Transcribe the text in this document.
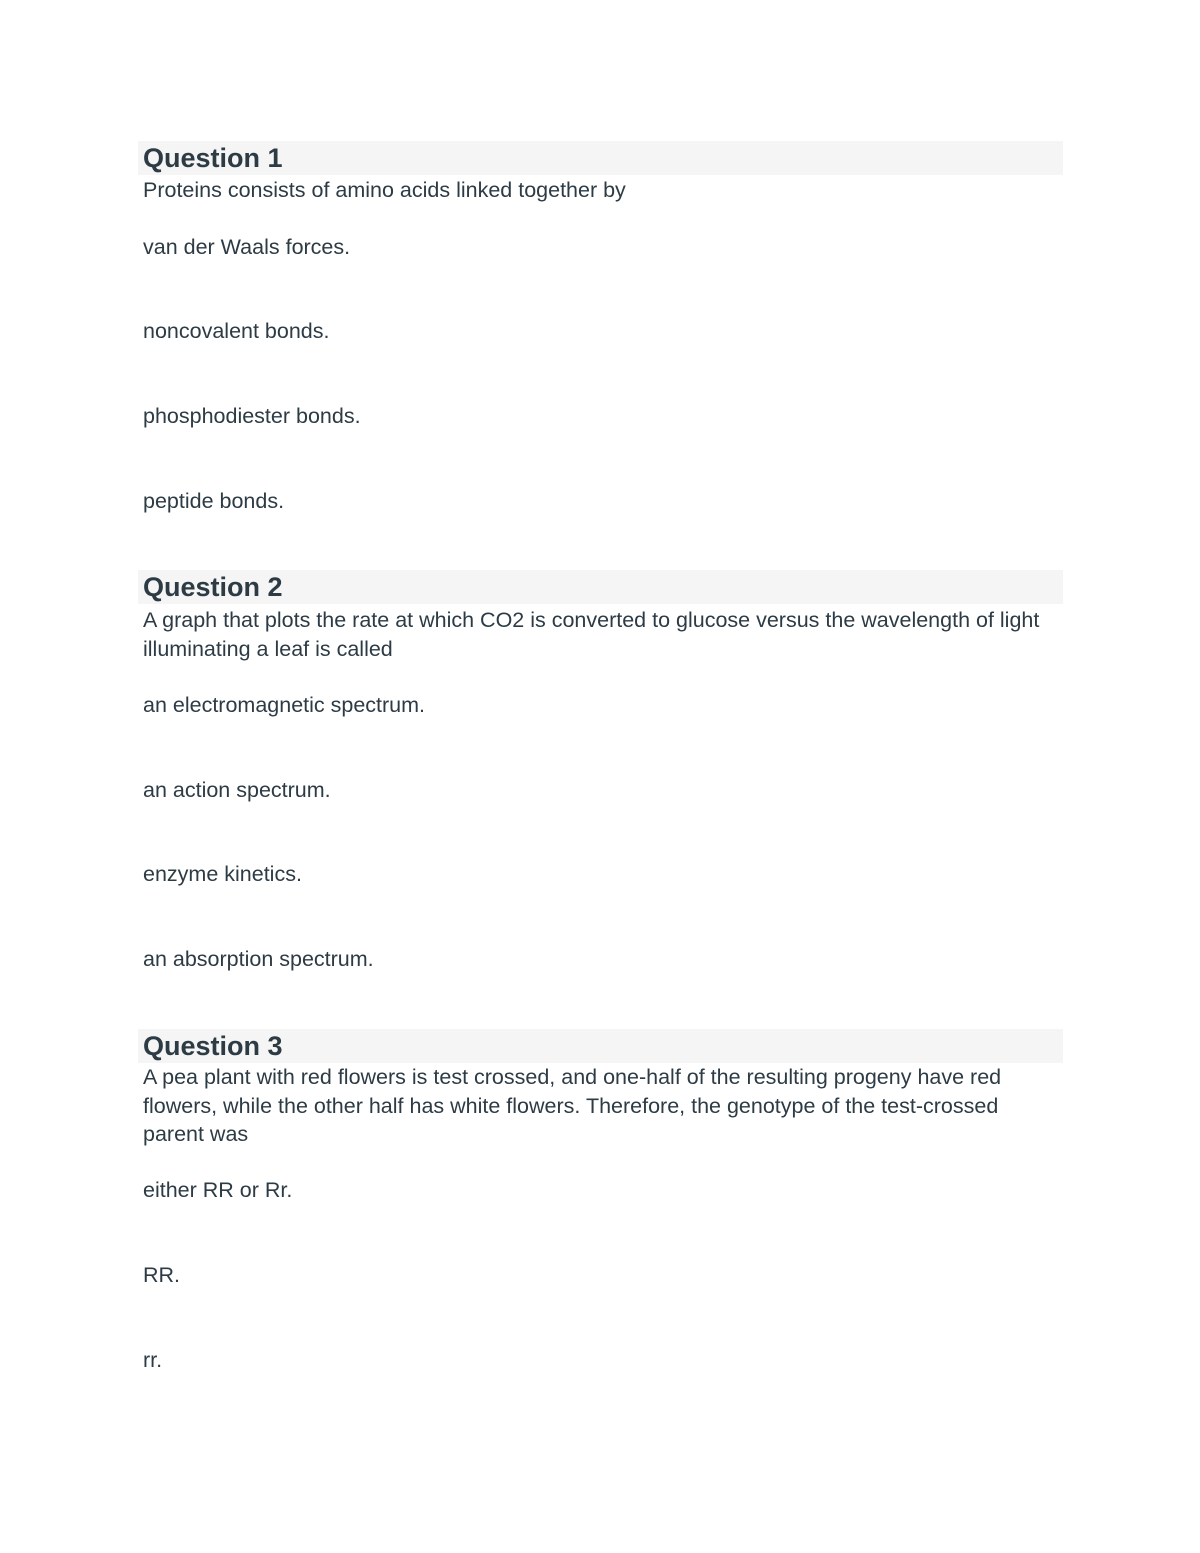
Question 1
Proteins consists of amino acids linked together by
van der Waals forces.
noncovalent bonds.
phosphodiester bonds.
peptide bonds.
Question 2
A graph that plots the rate at which CO2 is converted to glucose versus the wavelength of light illuminating a leaf is called
an electromagnetic spectrum.
an action spectrum.
enzyme kinetics.
an absorption spectrum.
Question 3
A pea plant with red flowers is test crossed, and one-half of the resulting progeny have red flowers, while the other half has white flowers. Therefore, the genotype of the test-crossed parent was
either RR or Rr.
RR.
rr.
